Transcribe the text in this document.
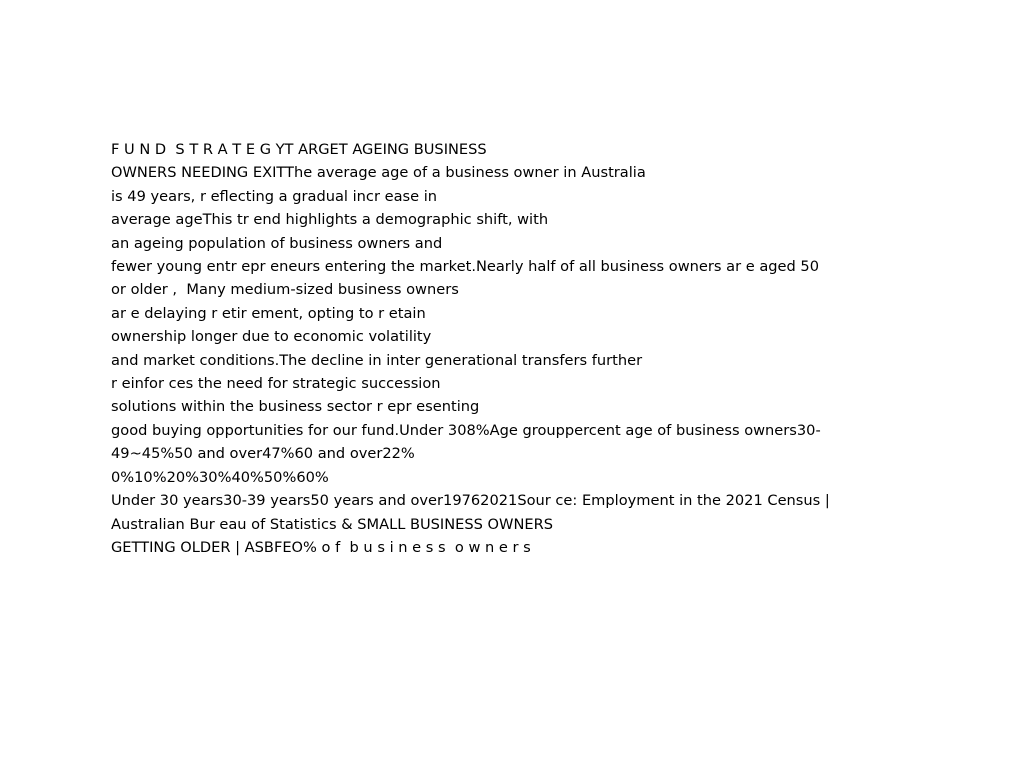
F U N D  S T R A T E G YT ARGET AGEING BUSINESS
OWNERS NEEDING EXITThe average age of a business owner in Australia
is 49 years, r eflecting a gradual incr ease in
average ageThis tr end highlights a demographic shift, with
an ageing population of business owners and
fewer young entr epr eneurs entering the market.Nearly half of all business owners ar e aged 50
or older ,  Many medium-sized business owners
ar e delaying r etir ement, opting to r etain
ownership longer due to economic volatility
and market conditions.The decline in inter generational transfers further
r einfor ces the need for strategic succession
solutions within the business sector r epr esenting
good buying opportunities for our fund.Under 308%Age grouppercent age of business owners30-
49~45%50 and over47%60 and over22%
0%10%20%30%40%50%60%
Under 30 years30-39 years50 years and over19762021Sour ce: Employment in the 2021 Census |
Australian Bur eau of Statistics & SMALL BUSINESS OWNERS
GETTING OLDER | ASBFEO% o f  b u s i n e s s  o w n e r s
